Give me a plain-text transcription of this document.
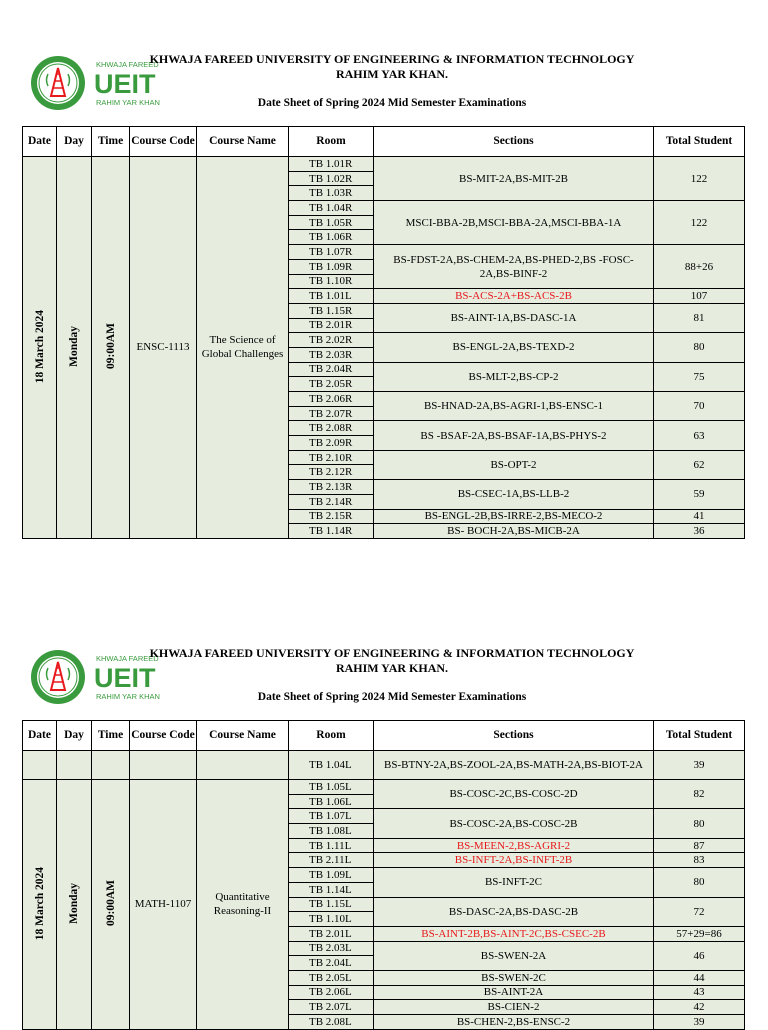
KHWAJA FAREED
UEIT
RAHIM YAR KHAN
KHWAJA FAREED UNIVERSITY OF ENGINEERING & INFORMATION TECHNOLOGY
RAHIM YAR KHAN.
Date Sheet of Spring 2024 Mid Semester Examinations
Date	Day	Time	Course Code	Course Name	Room	Sections	Total Student
18 March 2024	Monday	09:00AM	ENSC-1113	The Science of Global Challenges	TB 1.01R	BS-MIT-2A,BS-MIT-2B	122
					TB 1.02R		
					TB 1.03R		
					TB 1.04R	MSCI-BBA-2B,MSCI-BBA-2A,MSCI-BBA-1A	122
					TB 1.05R		
					TB 1.06R		
					TB 1.07R	BS-FDST-2A,BS-CHEM-2A,BS-PHED-2,BS -FOSC-2A,BS-BINF-2	88+26
					TB 1.09R		
					TB 1.10R		
					TB 1.01L	BS-ACS-2A+BS-ACS-2B	107
					TB 1.15R	BS-AINT-1A,BS-DASC-1A	81
					TB 2.01R		
					TB 2.02R	BS-ENGL-2A,BS-TEXD-2	80
					TB 2.03R		
					TB 2.04R	BS-MLT-2,BS-CP-2	75
					TB 2.05R		
					TB 2.06R	BS-HNAD-2A,BS-AGRI-1,BS-ENSC-1	70
					TB 2.07R		
					TB 2.08R	BS -BSAF-2A,BS-BSAF-1A,BS-PHYS-2	63
					TB 2.09R		
					TB 2.10R	BS-OPT-2	62
					TB 2.12R		
					TB 2.13R	BS-CSEC-1A,BS-LLB-2	59
					TB 2.14R		
					TB 2.15R	BS-ENGL-2B,BS-IRRE-2,BS-MECO-2	41
					TB 1.14R	BS- BOCH-2A,BS-MICB-2A	36
KHWAJA FAREED
UEIT
RAHIM YAR KHAN
KHWAJA FAREED UNIVERSITY OF ENGINEERING & INFORMATION TECHNOLOGY
RAHIM YAR KHAN.
Date Sheet of Spring 2024 Mid Semester Examinations
Date	Day	Time	Course Code	Course Name	Room	Sections	Total Student
					TB 1.04L	BS-BTNY-2A,BS-ZOOL-2A,BS-MATH-2A,BS-BIOT-2A	39
18 March 2024	Monday	09:00AM	MATH-1107	Quantitative Reasoning-II	TB 1.05L	BS-COSC-2C,BS-COSC-2D	82
					TB 1.06L		
					TB 1.07L	BS-COSC-2A,BS-COSC-2B	80
					TB 1.08L		
					TB 1.11L	BS-MEEN-2,BS-AGRI-2	87
					TB 2.11L	BS-INFT-2A,BS-INFT-2B	83
					TB 1.09L	BS-INFT-2C	80
					TB 1.14L		
					TB 1.15L	BS-DASC-2A,BS-DASC-2B	72
					TB 1.10L		
					TB 2.01L	BS-AINT-2B,BS-AINT-2C,BS-CSEC-2B	57+29=86
					TB 2.03L	BS-SWEN-2A	46
					TB 2.04L		
					TB 2.05L	BS-SWEN-2C	44
					TB 2.06L	BS-AINT-2A	43
					TB 2.07L	BS-CIEN-2	42
					TB 2.08L	BS-CHEN-2,BS-ENSC-2	39
